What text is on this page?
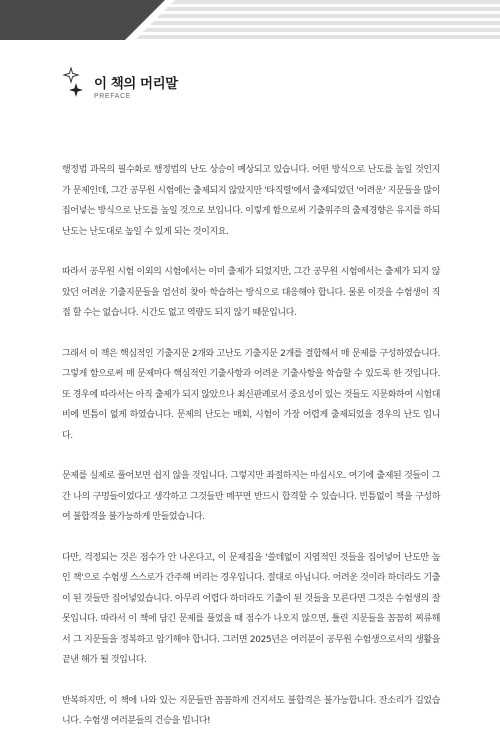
이 책의 머리말
PREFACE

행정법 과목의 필수화로 행정법의 난도 상승이 예상되고 있습니다. 어떤 방식으로 난도를 높일 것인지가 문제인데, 그간 공무원 시험에는 출제되지 않았지만 '타직렬'에서 출제되었던 '어려운' 지문들을 많이 집어넣는 방식으로 난도를 높일 것으로 보입니다. 이렇게 함으로써 기출위주의 출제경향은 유지를 하되 난도는 난도대로 높일 수 있게 되는 것이지요.

따라서 공무원 시험 이외의 시험에서는 이미 출제가 되었지만, 그간 공무원 시험에서는 출제가 되지 않았던 어려운 기출지문들을 엄선히 찾아 학습하는 방식으로 대응해야 합니다. 물론 이것을 수험생이 직접 할 수는 없습니다. 시간도 없고 역량도 되지 않기 때문입니다.

그래서 이 책은 핵심적인 기출지문 2개와 고난도 기출지문 2개를 결합해서 매 문제를 구성하였습니다. 그렇게 함으로써 매 문제마다 핵심적인 기출사항과 어려운 기출사항을 학습할 수 있도록 한 것입니다. 또 경우에 따라서는 아직 출제가 되지 않았으나 최신판례로서 중요성이 있는 것들도 지문화하여 시험대비에 빈틈이 없게 하였습니다. 문제의 난도는 매회, 시험이 가장 어렵게 출제되었을 경우의 난도 입니다.

문제를 실제로 풀어보면 쉽지 않을 것입니다. 그렇지만 좌절하지는 마십시오. 여기에 출제된 것들이 그간 나의 구멍들이었다고 생각하고 그것들만 메꾸면 반드시 합격할 수 있습니다. 빈틈없이 책을 구성하여 불합격을 불가능하게 만들었습니다.

다만, 걱정되는 것은 점수가 안 나온다고, 이 문제집을 '쓸데없이 지엽적인 것들을 집어넣어 난도만 높인 책'으로 수험생 스스로가 간주해 버리는 경우입니다. 절대로 아닙니다. 어려운 것이라 하더라도 기출이 된 것들만 집어넣었습니다. 아무리 어렵다 하더라도 기출이 된 것들을 모른다면 그것은 수험생의 잘못입니다. 따라서 이 책에 담긴 문제를 풀었을 때 점수가 나오지 않으면, 틀린 지문들을 꼼꼼히 찌류해서 그 지문들을 정복하고 암기해야 합니다. 그러면 2025년은 여러분이 공무원 수험생으로서의 생활을 끝낸 해가 될 것입니다.

반복하지만, 이 책에 나와 있는 지문들만 꼼꼼하게 건지셔도 불합격은 불가능합니다. 잔소리가 길었습니다. 수험생 여러분들의 건승을 빕니다!
